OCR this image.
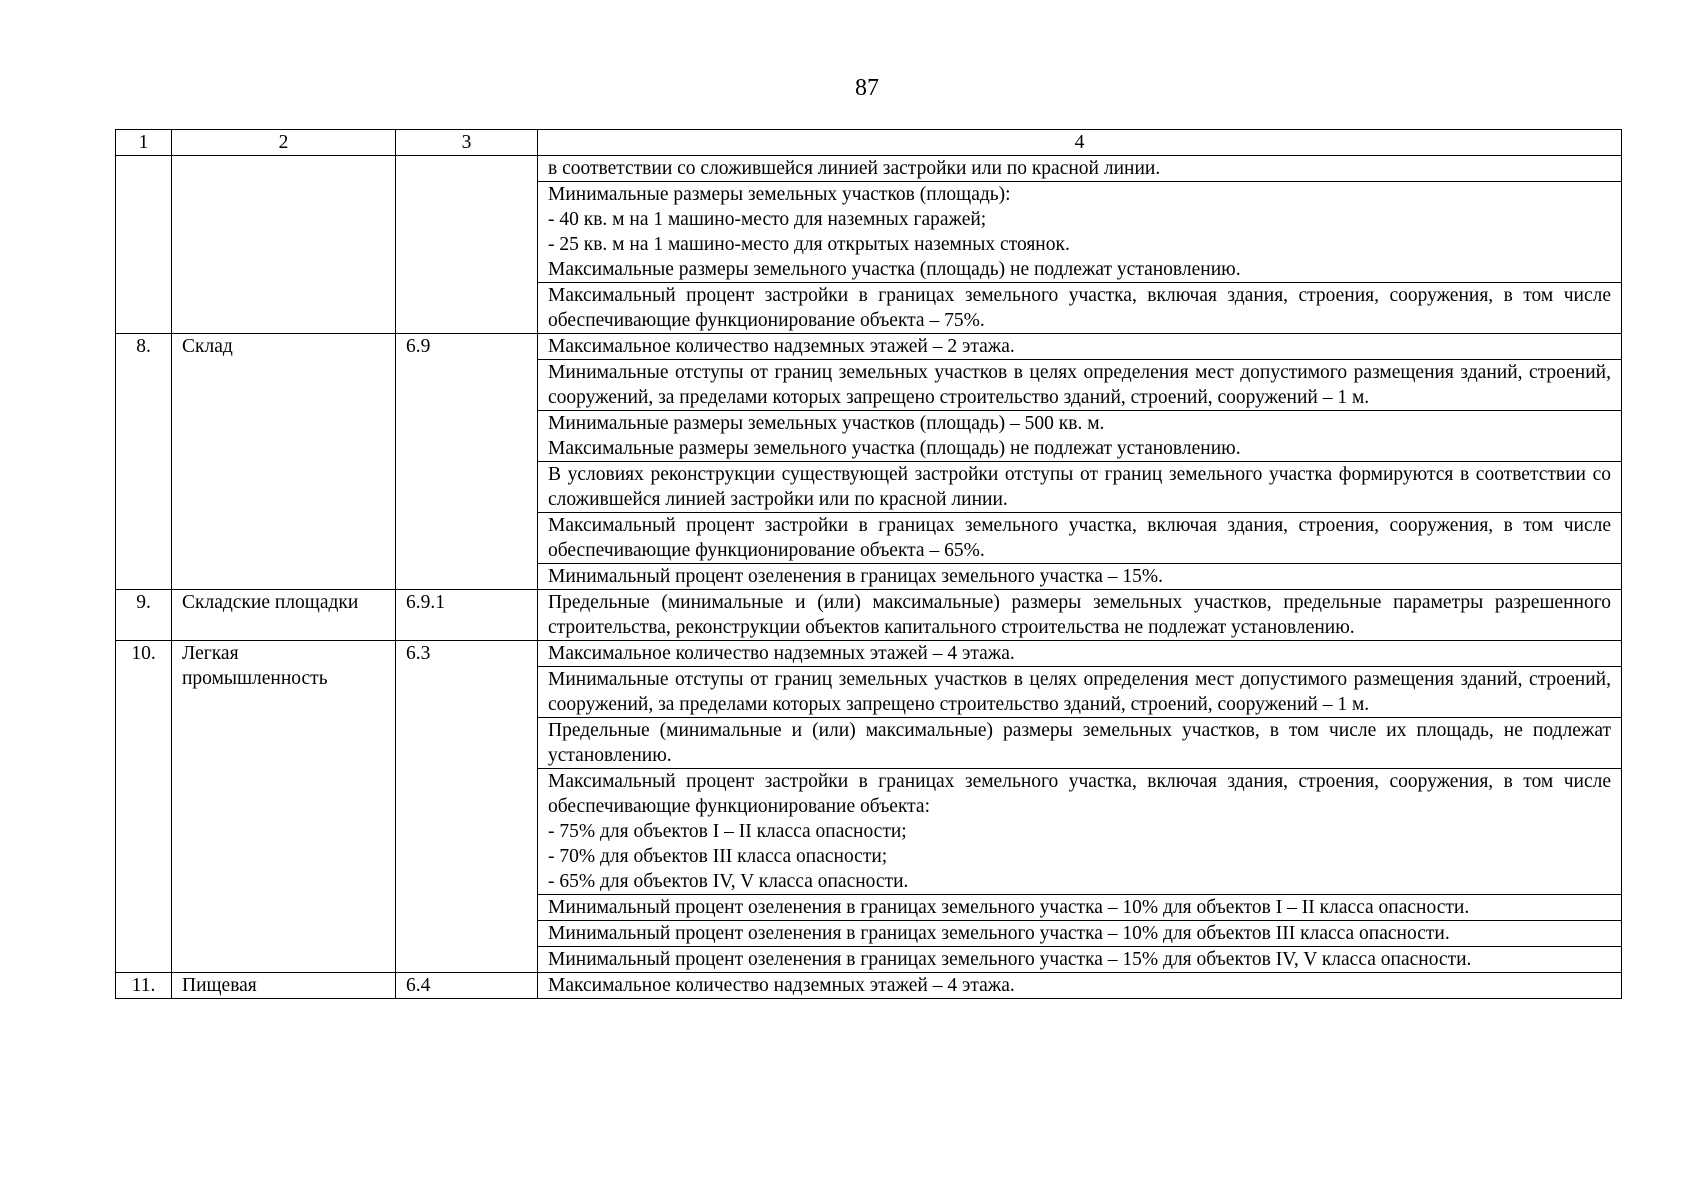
87
1	2	3	4

			в соответствии со сложившейся линией застройки или по красной линии.

			Минимальные размеры земельных участков (площадь):
- 40 кв. м на 1 машино-место для наземных гаражей;
- 25 кв. м на 1 машино-место для открытых наземных стоянок.
Максимальные размеры земельного участка (площадь) не подлежат установлению.

			Максимальный процент застройки в границах земельного участка, включая здания, строения, сооружения, в том числе обеспечивающие функционирование объекта – 75%.

8.	Склад	6.9	Максимальное количество надземных этажей – 2 этажа.

			Минимальные отступы от границ земельных участков в целях определения мест допустимого размещения зданий, строений, сооружений, за пределами которых запрещено строительство зданий, строений, сооружений – 1 м.

			Минимальные размеры земельных участков (площадь) – 500 кв. м.
Максимальные размеры земельного участка (площадь) не подлежат установлению.

			В условиях реконструкции существующей застройки отступы от границ земельного участка формируются в соответствии со сложившейся линией застройки или по красной линии.

			Максимальный процент застройки в границах земельного участка, включая здания, строения, сооружения, в том числе обеспечивающие функционирование объекта – 65%.

			Минимальный процент озеленения в границах земельного участка – 15%.

9.	Складские площадки	6.9.1	Предельные (минимальные и (или) максимальные) размеры земельных участков, предельные параметры разрешенного строительства, реконструкции объектов капитального строительства не подлежат установлению.

10.	Легкая промышленность	6.3	Максимальное количество надземных этажей – 4 этажа.

			Минимальные отступы от границ земельных участков в целях определения мест допустимого размещения зданий, строений, сооружений, за пределами которых запрещено строительство зданий, строений, сооружений – 1 м.

			Предельные (минимальные и (или) максимальные) размеры земельных участков, в том числе их площадь, не подлежат установлению.

			Максимальный процент застройки в границах земельного участка, включая здания, строения, сооружения, в том числе обеспечивающие функционирование объекта:
- 75% для объектов I – II класса опасности;
- 70% для объектов III класса опасности;
- 65% для объектов IV, V класса опасности.

			Минимальный процент озеленения в границах земельного участка – 10% для объектов I – II класса опасности.

			Минимальный процент озеленения в границах земельного участка – 10% для объектов III класса опасности.

			Минимальный процент озеленения в границах земельного участка – 15% для объектов IV, V класса опасности.

11.	Пищевая	6.4	Максимальное количество надземных этажей – 4 этажа.
